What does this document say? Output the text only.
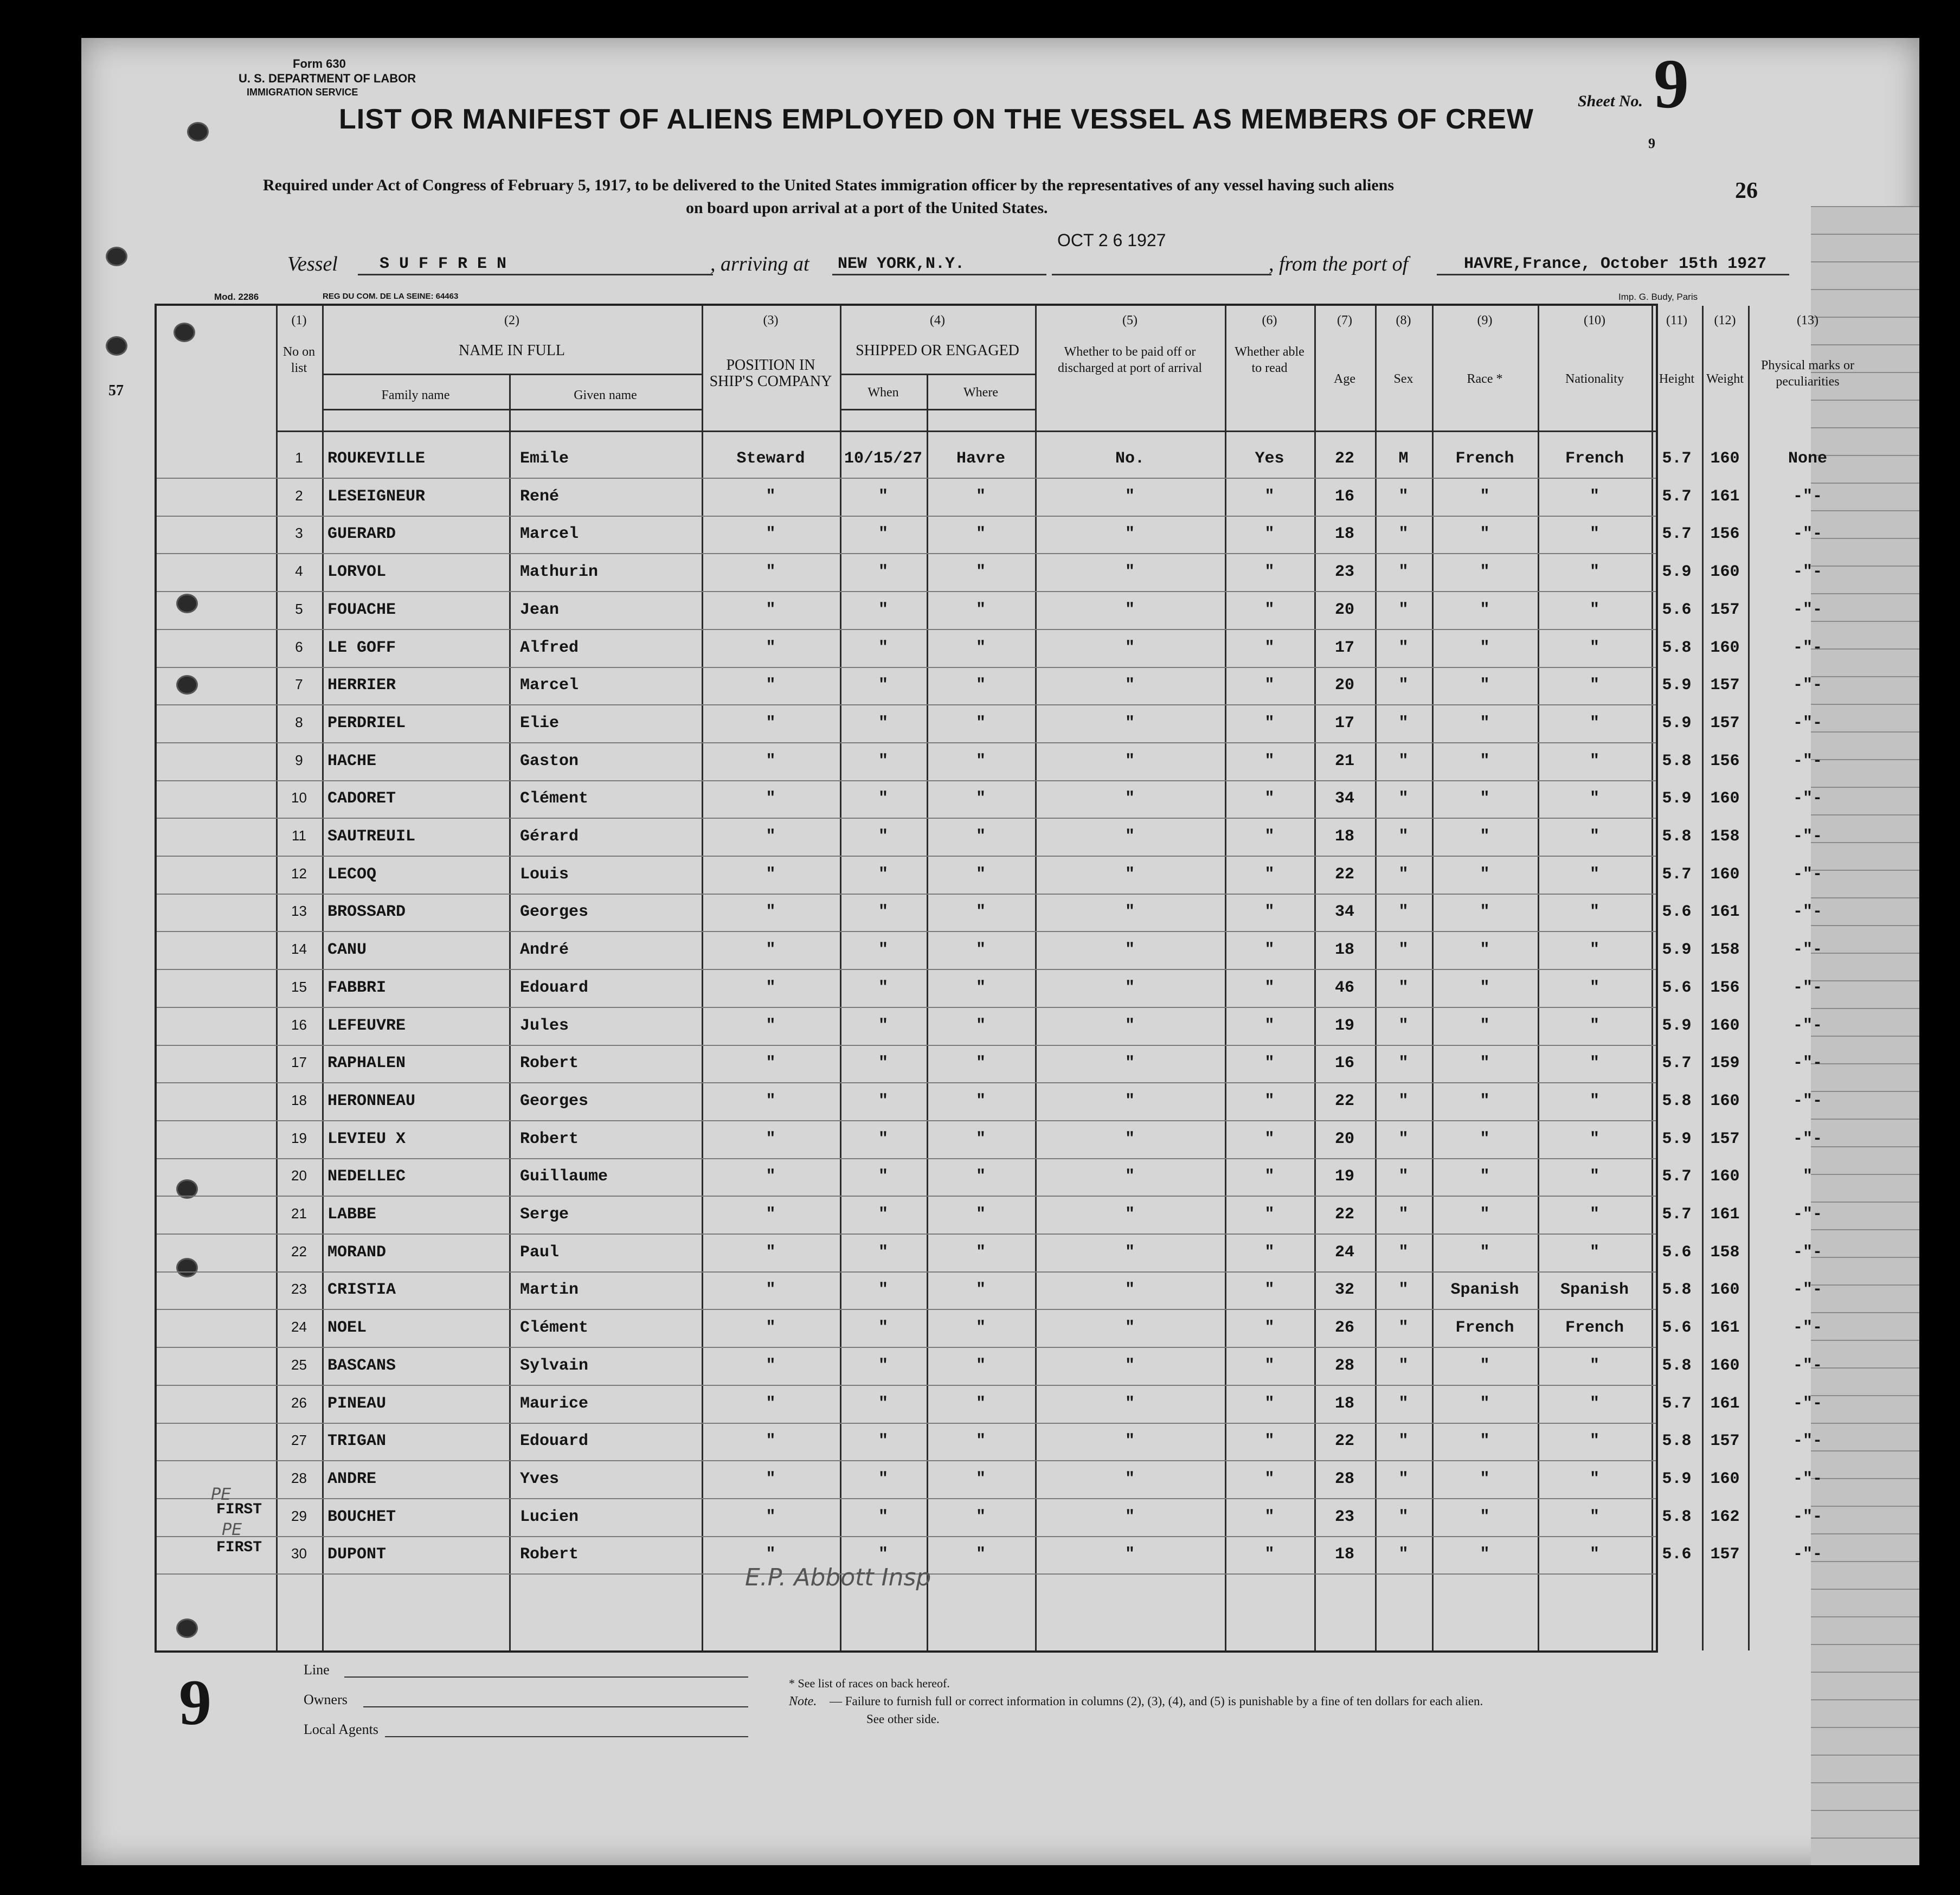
Form 630
U. S. DEPARTMENT OF LABOR
IMMIGRATION SERVICE
LIST OR MANIFEST OF ALIENS EMPLOYED ON THE VESSEL AS MEMBERS OF CREW
Sheet No. 9
9
26
57
Required under Act of Congress of February 5, 1917, to be delivered to the United States immigration officer by the representatives of any vessel having such aliens
on board upon arrival at a port of the United States.
Vessel	S U F F R E N	, arriving at NEW YORK,N.Y.
OCT 2 6 1927
, from the port of	HAVRE,France, October 15th 1927
Mod. 2286	REG DU COM. DE LA SEINE: 64463	Imp. G. Budy, Paris
(1)
No on list
(2)
NAME IN FULL
Family name	Given name
(3)
POSITION IN SHIP'S COMPANY
(4)
SHIPPED OR ENGAGED
When	Where
(5)
Whether to be paid off or discharged at port of arrival
(6)
Whether able to read
(7)
Age
(8)
Sex
(9)
Race *
(10)
Nationality
(11)
Height
(12)
Weight
(13)
Physical marks or peculiarities
1	ROUKEVILLE	Emile	Steward	10/15/27	Havre	No.	Yes	22	M	French	French	5.7	160	None
2	LESEIGNEUR	René	"	"	"	"	"	16	"	"	"	5.7	161	-"-
3	GUERARD	Marcel	"	"	"	"	"	18	"	"	"	5.7	156	-"-
4	LORVOL	Mathurin	"	"	"	"	"	23	"	"	"	5.9	160	-"-
5	FOUACHE	Jean	"	"	"	"	"	20	"	"	"	5.6	157	-"-
6	LE GOFF	Alfred	"	"	"	"	"	17	"	"	"	5.8	160	-"-
7	HERRIER	Marcel	"	"	"	"	"	20	"	"	"	5.9	157	-"-
8	PERDRIEL	Elie	"	"	"	"	"	17	"	"	"	5.9	157	-"-
9	HACHE	Gaston	"	"	"	"	"	21	"	"	"	5.8	156	-"-
10	CADORET	Clément	"	"	"	"	"	34	"	"	"	5.9	160	-"-
11	SAUTREUIL	Gérard	"	"	"	"	"	18	"	"	"	5.8	158	-"-
12	LECOQ	Louis	"	"	"	"	"	22	"	"	"	5.7	160	-"-
13	BROSSARD	Georges	"	"	"	"	"	34	"	"	"	5.6	161	-"-
14	CANU	André	"	"	"	"	"	18	"	"	"	5.9	158	-"-
15	FABBRI	Edouard	"	"	"	"	"	46	"	"	"	5.6	156	-"-
16	LEFEUVRE	Jules	"	"	"	"	"	19	"	"	"	5.9	160	-"-
17	RAPHALEN	Robert	"	"	"	"	"	16	"	"	"	5.7	159	-"-
18	HERONNEAU	Georges	"	"	"	"	"	22	"	"	"	5.8	160	-"-
19	LEVIEU X	Robert	"	"	"	"	"	20	"	"	"	5.9	157	-"-
20	NEDELLEC	Guillaume	"	"	"	"	"	19	"	"	"	5.7	160	"
21	LABBE	Serge	"	"	"	"	"	22	"	"	"	5.7	161	-"-
22	MORAND	Paul	"	"	"	"	"	24	"	"	"	5.6	158	-"-
23	CRISTIA	Martin	"	"	"	"	"	32	"	Spanish	Spanish	5.8	160	-"-
24	NOEL	Clément	"	"	"	"	"	26	"	French	French	5.6	161	-"-
25	BASCANS	Sylvain	"	"	"	"	"	28	"	"	"	5.8	160	-"-
26	PINEAU	Maurice	"	"	"	"	"	18	"	"	"	5.7	161	-"-
27	TRIGAN	Edouard	"	"	"	"	"	22	"	"	"	5.8	157	-"-
28	ANDRE	Yves	"	"	"	"	"	28	"	"	"	5.9	160	-"-
29	BOUCHET	Lucien	"	"	"	"	"	23	"	"	"	5.8	162	-"-
30	DUPONT	Robert	"	"	"	"	"	18	"	"	"	5.6	157	-"-
PE
FIRST
PE
FIRST
E.P. Abbott Insp
9	Line
Owners
Local Agents
* See list of races on back hereof.
Note. — Failure to furnish full or correct information in columns (2), (3), (4), and (5) is punishable by a fine of ten dollars for each alien.
See other side.
